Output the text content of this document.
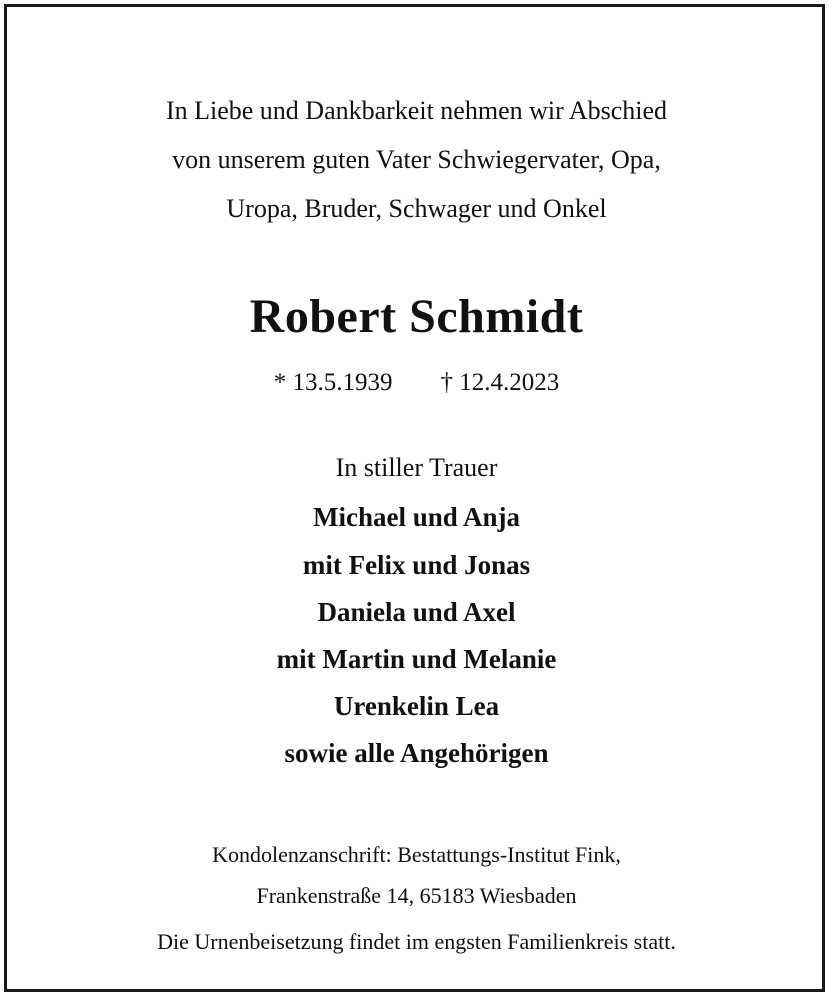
In Liebe und Dankbarkeit nehmen wir Abschied
von unserem guten Vater Schwiegervater, Opa,
Uropa, Bruder, Schwager und Onkel
Robert Schmidt
* 13.5.1939 † 12.4.2023
In stiller Trauer
Michael und Anja
mit Felix und Jonas
Daniela und Axel
mit Martin und Melanie
Urenkelin Lea
sowie alle Angehörigen
Kondolenzanschrift: Bestattungs-Institut Fink,
Frankenstraße 14, 65183 Wiesbaden
Die Urnenbeisetzung findet im engsten Familienkreis statt.
